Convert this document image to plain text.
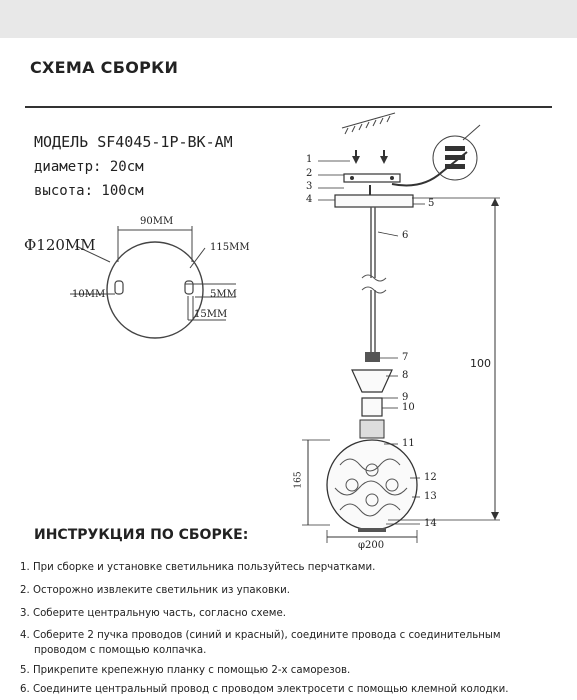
СХЕМА СБОРКИ
МОДЕЛЬ SF4045-1P-BK-AM
диаметр: 20см
высота: 100см
Φ120ММ
90ММ
115ММ
10ММ	5ММ
15ММ
1
2
3
4	5
6
7
8
9
10
11
12
13
14
100
165
φ200
ИНСТРУКЦИЯ ПО СБОРКЕ:
1. При сборке и установке светильника пользуйтесь перчатками.
2. Осторожно извлеките светильник из упаковки.
3. Соберите центральную часть, согласно схеме.
4. Соберите 2 пучка проводов (синий и красный), соедините провода с соединительным
проводом с помощью колпачка.
5. Прикрепите крепежную планку с помощью 2-х саморезов.
6. Соедините центральный провод с проводом электросети с помощью клемной колодки.
